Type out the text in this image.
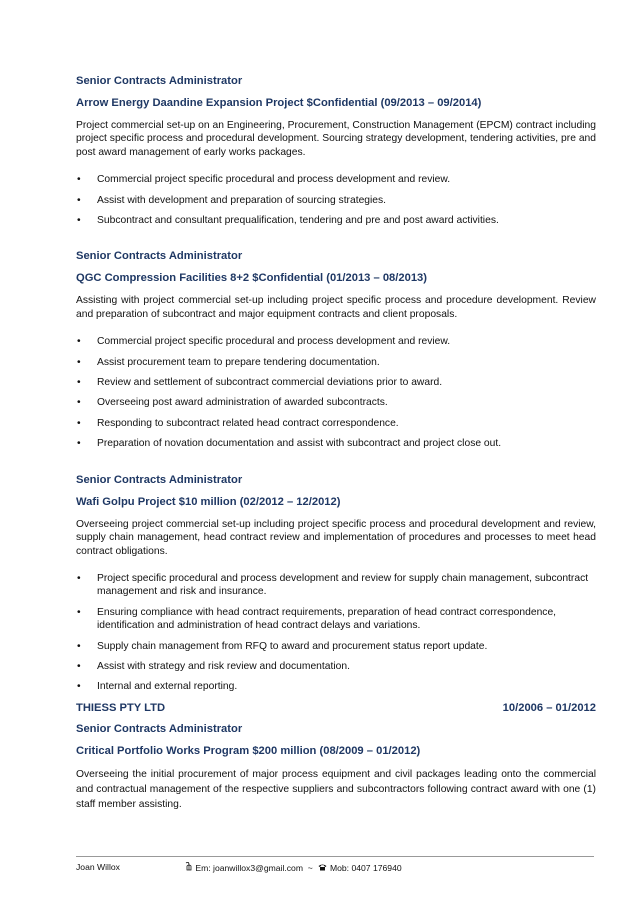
Senior Contracts Administrator

Arrow Energy Daandine Expansion Project $Confidential (09/2013 – 09/2014)

Project commercial set-up on an Engineering, Procurement, Construction Management (EPCM) contract including project specific process and procedural development. Sourcing strategy development, tendering activities, pre and post award management of early works packages.

• Commercial project specific procedural and process development and review.
• Assist with development and preparation of sourcing strategies.
• Subcontract and consultant prequalification, tendering and pre and post award activities.

Senior Contracts Administrator

QGC Compression Facilities 8+2 $Confidential (01/2013 – 08/2013)

Assisting with project commercial set-up including project specific process and procedure development. Review and preparation of subcontract and major equipment contracts and client proposals.

• Commercial project specific procedural and process development and review.
• Assist procurement team to prepare tendering documentation.
• Review and settlement of subcontract commercial deviations prior to award.
• Overseeing post award administration of awarded subcontracts.
• Responding to subcontract related head contract correspondence.
• Preparation of novation documentation and assist with subcontract and project close out.

Senior Contracts Administrator

Wafi Golpu Project $10 million (02/2012 – 12/2012)

Overseeing project commercial set-up including project specific process and procedural development and review, supply chain management, head contract review and implementation of procedures and processes to meet head contract obligations.

• Project specific procedural and process development and review for supply chain management, subcontract management and risk and insurance.
• Ensuring compliance with head contract requirements, preparation of head contract correspondence, identification and administration of head contract delays and variations.
• Supply chain management from RFQ to award and procurement status report update.
• Assist with strategy and risk review and documentation.
• Internal and external reporting.
THIESS PTY LTD	10/2006 – 01/2012

Senior Contracts Administrator

Critical Portfolio Works Program $200 million (08/2009 – 01/2012)

Overseeing the initial procurement of major process equipment and civil packages leading onto the commercial and contractual management of the respective suppliers and subcontractors following contract award with one (1) staff member assisting.

Joan Willox	Em: joanwillox3@gmail.com ~ Mob: 0407 176940
